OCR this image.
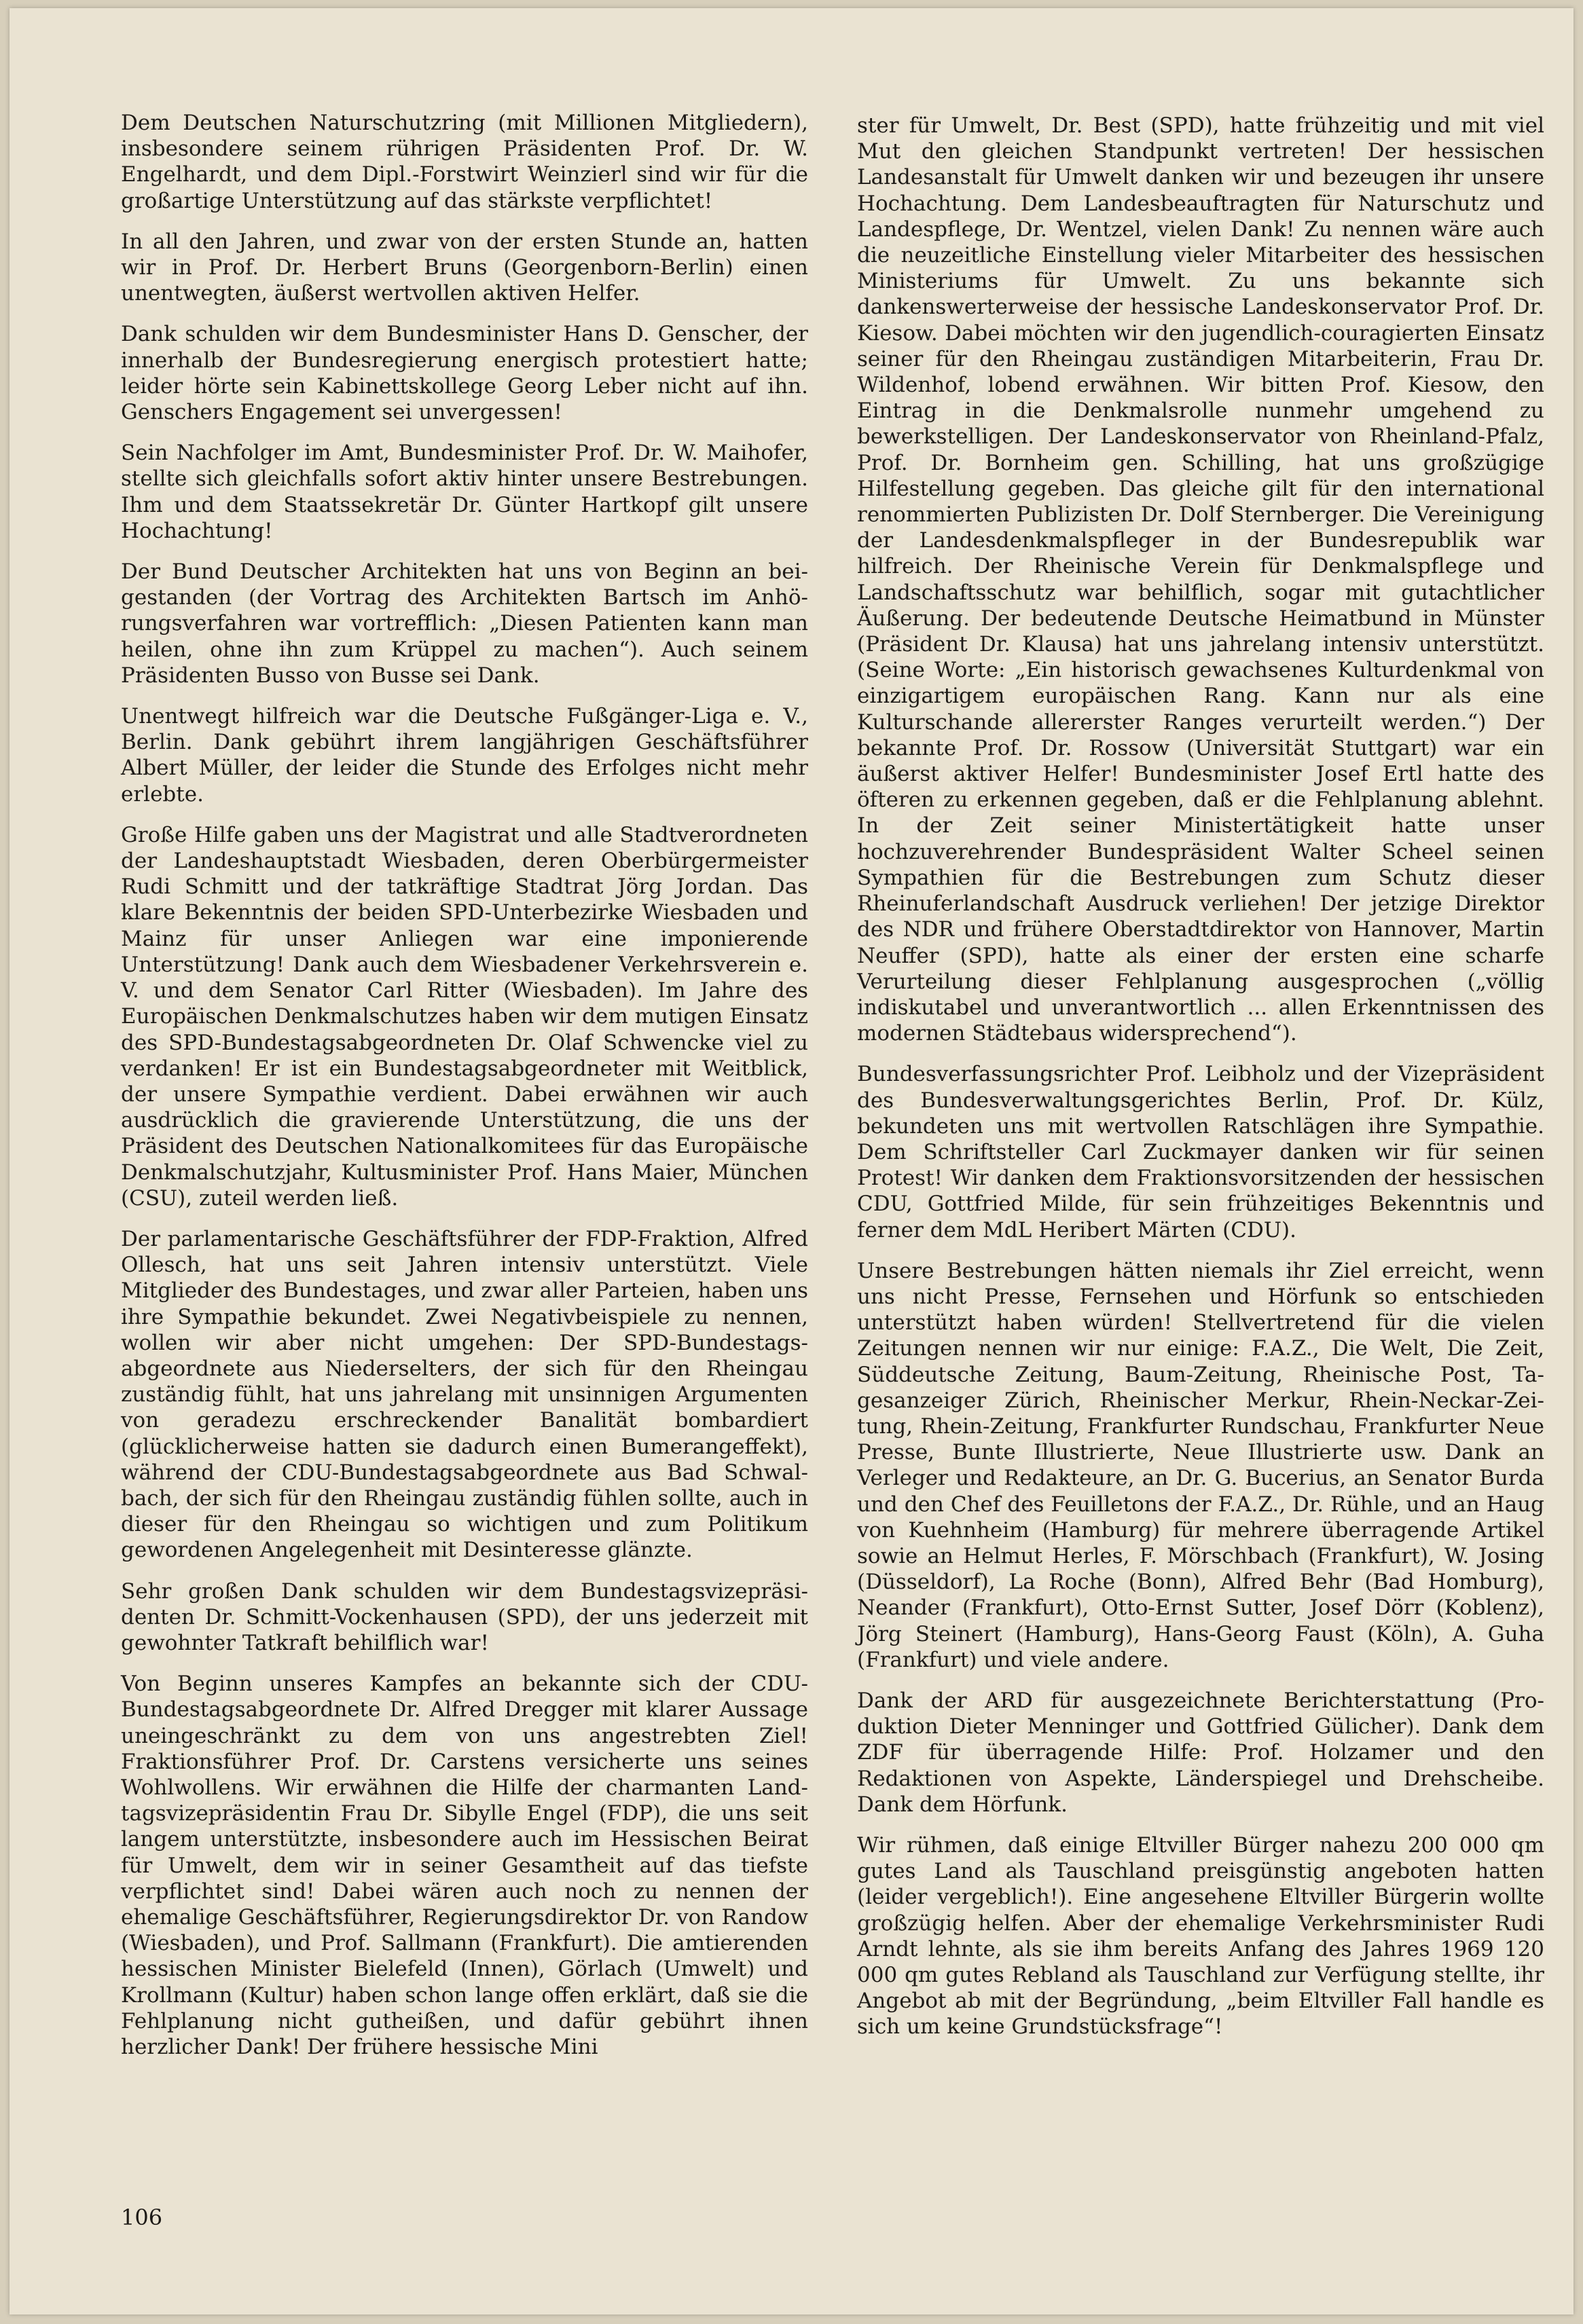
Dem Deutschen Naturschutzring (mit Millionen Mitgliedern), insbesondere seinem rührigen Präsidenten Prof. Dr. W. Engelhardt, und dem Dipl.-Forstwirt Weinzierl sind wir für die großartige Unterstützung auf das stärkste verpflichtet!

In all den Jahren, und zwar von der ersten Stunde an, hatten wir in Prof. Dr. Herbert Bruns (Georgenborn-Berlin) einen unentwegten, äußerst wertvollen aktiven Helfer.

Dank schulden wir dem Bundesminister Hans D. Genscher, der innerhalb der Bundesregierung energisch protestiert hatte; leider hörte sein Kabinettskollege Georg Leber nicht auf ihn. Genschers Engagement sei unvergessen!

Sein Nachfolger im Amt, Bundesminister Prof. Dr. W. Maihofer, stellte sich gleichfalls sofort aktiv hinter unsere Bestrebungen. Ihm und dem Staatssekretär Dr. Günter Hartkopf gilt unsere Hochachtung!

Der Bund Deutscher Architekten hat uns von Beginn an beigestanden (der Vortrag des Architekten Bartsch im Anhörungsverfahren war vortrefflich: „Diesen Patienten kann man heilen, ohne ihn zum Krüppel zu machen“). Auch seinem Präsidenten Busso von Busse sei Dank.

Unentwegt hilfreich war die Deutsche Fußgänger-Liga e. V., Berlin. Dank gebührt ihrem langjährigen Geschäftsführer Albert Müller, der leider die Stunde des Erfolges nicht mehr erlebte.

Große Hilfe gaben uns der Magistrat und alle Stadtverordneten der Landeshauptstadt Wiesbaden, deren Oberbürgermeister Rudi Schmitt und der tatkräftige Stadtrat Jörg Jordan. Das klare Bekenntnis der beiden SPD-Unterbezirke Wiesbaden und Mainz für unser Anliegen war eine imponierende Unterstützung! Dank auch dem Wiesbadener Verkehrsverein e. V. und dem Senator Carl Ritter (Wiesbaden). Im Jahre des Europäischen Denkmalschutzes haben wir dem mutigen Einsatz des SPD-Bundestagsabgeordneten Dr. Olaf Schwencke viel zu verdanken! Er ist ein Bundestagsabgeordneter mit Weitblick, der unsere Sympathie verdient. Dabei erwähnen wir auch ausdrücklich die gravierende Unterstützung, die uns der Präsident des Deutschen Nationalkomitees für das Europäische Denkmalschutzjahr, Kultusminister Prof. Hans Maier, München (CSU), zuteil werden ließ.

Der parlamentarische Geschäftsführer der FDP-Fraktion, Alfred Ollesch, hat uns seit Jahren intensiv unterstützt. Viele Mitglieder des Bundestages, und zwar aller Parteien, haben uns ihre Sympathie bekundet. Zwei Negativbeispiele zu nennen, wollen wir aber nicht umgehen: Der SPD-Bundestagsabgeordnete aus Niederselters, der sich für den Rheingau zuständig fühlt, hat uns jahrelang mit unsinnigen Argumenten von geradezu erschreckender Banalität bombardiert (glücklicherweise hatten sie dadurch einen Bumerangeffekt), während der CDU-Bundestagsabgeordnete aus Bad Schwalbach, der sich für den Rheingau zuständig fühlen sollte, auch in dieser für den Rheingau so wichtigen und zum Politikum gewordenen Angelegenheit mit Desinteresse glänzte.

Sehr großen Dank schulden wir dem Bundestagsvizepräsidenten Dr. Schmitt-Vockenhausen (SPD), der uns jederzeit mit gewohnter Tatkraft behilflich war!

Von Beginn unseres Kampfes an bekannte sich der CDU-Bundestagsabgeordnete Dr. Alfred Dregger mit klarer Aussage uneingeschränkt zu dem von uns angestrebten Ziel! Fraktionsführer Prof. Dr. Carstens versicherte uns seines Wohlwollens. Wir erwähnen die Hilfe der charmanten Landtagsvizepräsidentin Frau Dr. Sibylle Engel (FDP), die uns seit langem unterstützte, insbesondere auch im Hessischen Beirat für Umwelt, dem wir in seiner Gesamtheit auf das tiefste verpflichtet sind! Dabei wären auch noch zu nennen der ehemalige Geschäftsführer, Regierungsdirektor Dr. von Randow (Wiesbaden), und Prof. Sallmann (Frankfurt). Die amtierenden hessischen Minister Bielefeld (Innen), Görlach (Umwelt) und Krollmann (Kultur) haben schon lange offen erklärt, daß sie die Fehlplanung nicht gutheißen, und dafür gebührt ihnen herzlicher Dank! Der frühere hessische Mini

ster für Umwelt, Dr. Best (SPD), hatte frühzeitig und mit viel Mut den gleichen Standpunkt vertreten! Der hessischen Landesanstalt für Umwelt danken wir und bezeugen ihr unsere Hochachtung. Dem Landesbeauftragten für Naturschutz und Landespflege, Dr. Wentzel, vielen Dank! Zu nennen wäre auch die neuzeitliche Einstellung vieler Mitarbeiter des hessischen Ministeriums für Umwelt. Zu uns bekannte sich dankenswerterweise der hessische Landeskonservator Prof. Dr. Kiesow. Dabei möchten wir den jugendlich-couragierten Einsatz seiner für den Rheingau zuständigen Mitarbeiterin, Frau Dr. Wildenhof, lobend erwähnen. Wir bitten Prof. Kiesow, den Eintrag in die Denkmalsrolle nunmehr umgehend zu bewerkstelligen. Der Landeskonservator von Rheinland-Pfalz, Prof. Dr. Bornheim gen. Schilling, hat uns großzügige Hilfestellung gegeben. Das gleiche gilt für den international renommierten Publizisten Dr. Dolf Sternberger. Die Vereinigung der Landesdenkmalspfleger in der Bundesrepublik war hilfreich. Der Rheinische Verein für Denkmalspflege und Landschaftsschutz war behilflich, sogar mit gutachtlicher Äußerung. Der bedeutende Deutsche Heimatbund in Münster (Präsident Dr. Klausa) hat uns jahrelang intensiv unterstützt. (Seine Worte: „Ein historisch gewachsenes Kulturdenkmal von einzigartigem europäischen Rang. Kann nur als eine Kulturschande allererster Ranges verurteilt werden.“) Der bekannte Prof. Dr. Rossow (Universität Stuttgart) war ein äußerst aktiver Helfer! Bundesminister Josef Ertl hatte des öfteren zu erkennen gegeben, daß er die Fehlplanung ablehnt. In der Zeit seiner Ministertätigkeit hatte unser hochzuverehrender Bundespräsident Walter Scheel seinen Sympathien für die Bestrebungen zum Schutz dieser Rheinuferlandschaft Ausdruck verliehen! Der jetzige Direktor des NDR und frühere Oberstadtdirektor von Hannover, Martin Neuffer (SPD), hatte als einer der ersten eine scharfe Verurteilung dieser Fehlplanung ausgesprochen („völlig indiskutabel und unverantwortlich ... allen Erkenntnissen des modernen Städtebaus widersprechend“).

Bundesverfassungsrichter Prof. Leibholz und der Vizepräsident des Bundesverwaltungsgerichtes Berlin, Prof. Dr. Külz, bekundeten uns mit wertvollen Ratschlägen ihre Sympathie. Dem Schriftsteller Carl Zuckmayer danken wir für seinen Protest! Wir danken dem Fraktionsvorsitzenden der hessischen CDU, Gottfried Milde, für sein frühzeitiges Bekenntnis und ferner dem MdL Heribert Märten (CDU).

Unsere Bestrebungen hätten niemals ihr Ziel erreicht, wenn uns nicht Presse, Fernsehen und Hörfunk so entschieden unterstützt haben würden! Stellvertretend für die vielen Zeitungen nennen wir nur einige: F.A.Z., Die Welt, Die Zeit, Süddeutsche Zeitung, Baum-Zeitung, Rheinische Post, Tagesanzeiger Zürich, Rheinischer Merkur, Rhein-Neckar-Zeitung, Rhein-Zeitung, Frankfurter Rundschau, Frankfurter Neue Presse, Bunte Illustrierte, Neue Illustrierte usw. Dank an Verleger und Redakteure, an Dr. G. Bucerius, an Senator Burda und den Chef des Feuilletons der F.A.Z., Dr. Rühle, und an Haug von Kuehnheim (Hamburg) für mehrere überragende Artikel sowie an Helmut Herles, F. Mörschbach (Frankfurt), W. Josing (Düsseldorf), La Roche (Bonn), Alfred Behr (Bad Homburg), Neander (Frankfurt), Otto-Ernst Sutter, Josef Dörr (Koblenz), Jörg Steinert (Hamburg), Hans-Georg Faust (Köln), A. Guha (Frankfurt) und viele andere.

Dank der ARD für ausgezeichnete Berichterstattung (Produktion Dieter Menninger und Gottfried Gülicher). Dank dem ZDF für überragende Hilfe: Prof. Holzamer und den Redaktionen von Aspekte, Länderspiegel und Drehscheibe. Dank dem Hörfunk.

Wir rühmen, daß einige Eltviller Bürger nahezu 200 000 qm gutes Land als Tauschland preisgünstig angeboten hatten (leider vergeblich!). Eine angesehene Eltviller Bürgerin wollte großzügig helfen. Aber der ehemalige Verkehrsminister Rudi Arndt lehnte, als sie ihm bereits Anfang des Jahres 1969 120 000 qm gutes Rebland als Tauschland zur Verfügung stellte, ihr Angebot ab mit der Begründung, „beim Eltviller Fall handle es sich um keine Grundstücksfrage“!

106
